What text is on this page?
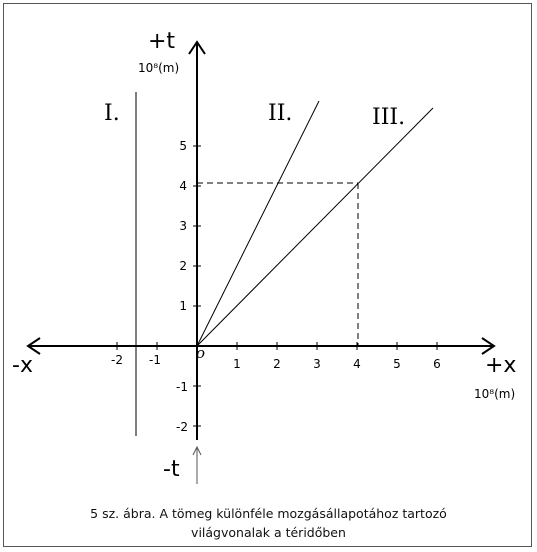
-2 -1	1	2	3	4	5	6
-2
-1
1
2
3
4
5
o	+x
-x
+t
-t
10⁸(m)
10⁸(m)
I.	II.	III.
5 sz. ábra. A tömeg különféle mozgásállapotához tartozó
világvonalak a téridőben
